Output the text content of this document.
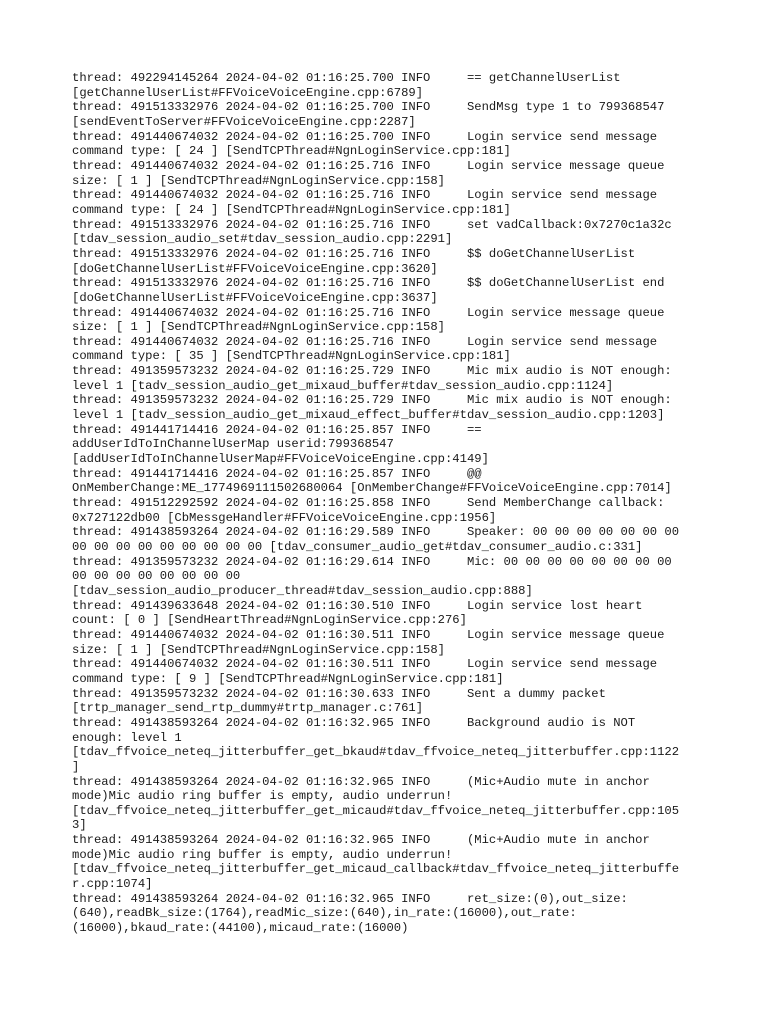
thread: 492294145264 2024-04-02 01:16:25.700 INFO     == getChannelUserList
[getChannelUserList#FFVoiceVoiceEngine.cpp:6789]
thread: 491513332976 2024-04-02 01:16:25.700 INFO     SendMsg type 1 to 799368547
[sendEventToServer#FFVoiceVoiceEngine.cpp:2287]
thread: 491440674032 2024-04-02 01:16:25.700 INFO     Login service send message
command type: [ 24 ] [SendTCPThread#NgnLoginService.cpp:181]
thread: 491440674032 2024-04-02 01:16:25.716 INFO     Login service message queue
size: [ 1 ] [SendTCPThread#NgnLoginService.cpp:158]
thread: 491440674032 2024-04-02 01:16:25.716 INFO     Login service send message
command type: [ 24 ] [SendTCPThread#NgnLoginService.cpp:181]
thread: 491513332976 2024-04-02 01:16:25.716 INFO     set vadCallback:0x7270c1a32c
[tdav_session_audio_set#tdav_session_audio.cpp:2291]
thread: 491513332976 2024-04-02 01:16:25.716 INFO     $$ doGetChannelUserList
[doGetChannelUserList#FFVoiceVoiceEngine.cpp:3620]
thread: 491513332976 2024-04-02 01:16:25.716 INFO     $$ doGetChannelUserList end
[doGetChannelUserList#FFVoiceVoiceEngine.cpp:3637]
thread: 491440674032 2024-04-02 01:16:25.716 INFO     Login service message queue
size: [ 1 ] [SendTCPThread#NgnLoginService.cpp:158]
thread: 491440674032 2024-04-02 01:16:25.716 INFO     Login service send message
command type: [ 35 ] [SendTCPThread#NgnLoginService.cpp:181]
thread: 491359573232 2024-04-02 01:16:25.729 INFO     Mic mix audio is NOT enough:
level 1 [tadv_session_audio_get_mixaud_buffer#tdav_session_audio.cpp:1124]
thread: 491359573232 2024-04-02 01:16:25.729 INFO     Mic mix audio is NOT enough:
level 1 [tadv_session_audio_get_mixaud_effect_buffer#tdav_session_audio.cpp:1203]
thread: 491441714416 2024-04-02 01:16:25.857 INFO     ==
addUserIdToInChannelUserMap userid:799368547
[addUserIdToInChannelUserMap#FFVoiceVoiceEngine.cpp:4149]
thread: 491441714416 2024-04-02 01:16:25.857 INFO     @@
OnMemberChange:ME_1774969111502680064 [OnMemberChange#FFVoiceVoiceEngine.cpp:7014]
thread: 491512292592 2024-04-02 01:16:25.858 INFO     Send MemberChange callback:
0x727122db00 [CbMessgeHandler#FFVoiceVoiceEngine.cpp:1956]
thread: 491438593264 2024-04-02 01:16:29.589 INFO     Speaker: 00 00 00 00 00 00 00
00 00 00 00 00 00 00 00 00 [tdav_consumer_audio_get#tdav_consumer_audio.c:331]
thread: 491359573232 2024-04-02 01:16:29.614 INFO     Mic: 00 00 00 00 00 00 00 00
00 00 00 00 00 00 00 00
[tdav_session_audio_producer_thread#tdav_session_audio.cpp:888]
thread: 491439633648 2024-04-02 01:16:30.510 INFO     Login service lost heart
count: [ 0 ] [SendHeartThread#NgnLoginService.cpp:276]
thread: 491440674032 2024-04-02 01:16:30.511 INFO     Login service message queue
size: [ 1 ] [SendTCPThread#NgnLoginService.cpp:158]
thread: 491440674032 2024-04-02 01:16:30.511 INFO     Login service send message
command type: [ 9 ] [SendTCPThread#NgnLoginService.cpp:181]
thread: 491359573232 2024-04-02 01:16:30.633 INFO     Sent a dummy packet
[trtp_manager_send_rtp_dummy#trtp_manager.c:761]
thread: 491438593264 2024-04-02 01:16:32.965 INFO     Background audio is NOT
enough: level 1
[tdav_ffvoice_neteq_jitterbuffer_get_bkaud#tdav_ffvoice_neteq_jitterbuffer.cpp:1122
]
thread: 491438593264 2024-04-02 01:16:32.965 INFO     (Mic+Audio mute in anchor
mode)Mic audio ring buffer is empty, audio underrun!
[tdav_ffvoice_neteq_jitterbuffer_get_micaud#tdav_ffvoice_neteq_jitterbuffer.cpp:105
3]
thread: 491438593264 2024-04-02 01:16:32.965 INFO     (Mic+Audio mute in anchor
mode)Mic audio ring buffer is empty, audio underrun!
[tdav_ffvoice_neteq_jitterbuffer_get_micaud_callback#tdav_ffvoice_neteq_jitterbuffe
r.cpp:1074]
thread: 491438593264 2024-04-02 01:16:32.965 INFO     ret_size:(0),out_size:
(640),readBk_size:(1764),readMic_size:(640),in_rate:(16000),out_rate:
(16000),bkaud_rate:(44100),micaud_rate:(16000)
